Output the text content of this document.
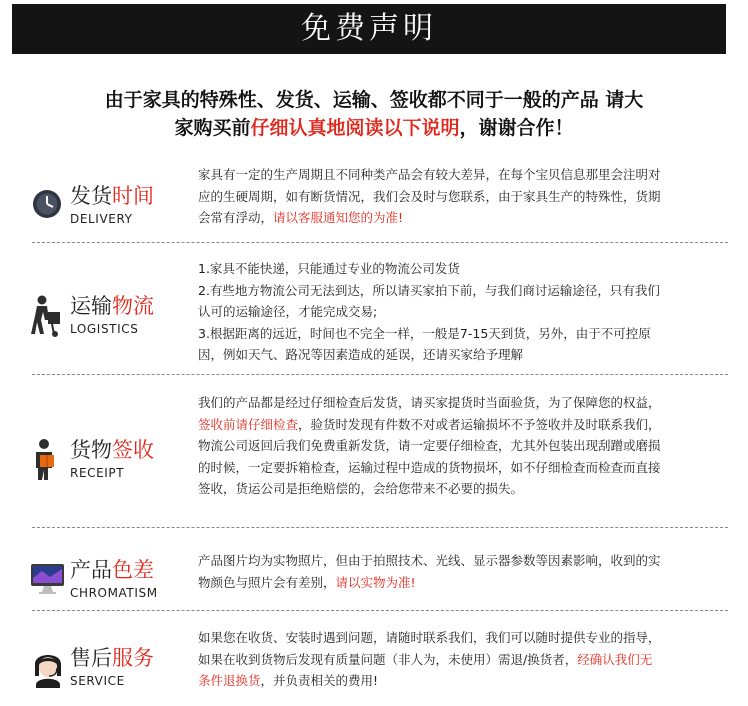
免费声明
由于家具的特殊性、发货、运输、签收都不同于一般的产品 请大
家购买前仔细认真地阅读以下说明，谢谢合作！
发货时间
DELIVERY
家具有一定的生产周期且不同种类产品会有较大差异，在每个宝贝信息那里会注明对应的生硬周期，如有断货情况，我们会及时与您联系，由于家具生产的特殊性，货期会常有浮动，请以客服通知您的为准!
运输物流
LOGISTICS
1.家具不能快递，只能通过专业的物流公司发货
2.有些地方物流公司无法到达，所以请买家拍下前，与我们商讨运输途径，只有我们认可的运输途径，才能完成交易;
3.根据距离的远近，时间也不完全一样，一般是7-15天到货，另外，由于不可控原因，例如天气、路况等因素造成的延误，还请买家给予理解
货物签收
RECEIPT
我们的产品都是经过仔细检查后发货，请买家提货时当面验货，为了保障您的权益，签收前请仔细检查，验货时发现有件数不对或者运输损坏不予签收并及时联系我们，物流公司返回后我们免费重新发货，请一定要仔细检查，尤其外包装出现刮蹭或磨损的时候，一定要拆箱检查，运输过程中造成的货物损坏，如不仔细检查而检查而直接签收，货运公司是拒绝赔偿的，会给您带来不必要的损失。
产品色差
CHROMATISM
产品图片均为实物照片，但由于拍照技术、光线、显示器参数等因素影响，收到的实物颜色与照片会有差别，请以实物为准!
售后服务
SERVICE
如果您在收货、安装时遇到问题，请随时联系我们，我们可以随时提供专业的指导，如果在收到货物后发现有质量问题（非人为，未使用）需退/换货者，经确认我们无条件退换货，并负责相关的费用!
